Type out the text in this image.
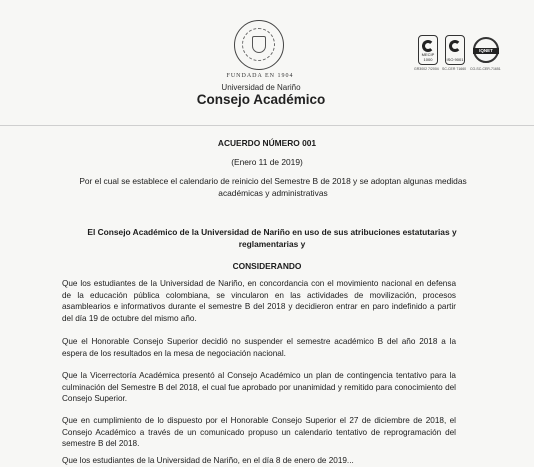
FUNDADA EN 1904
Universidad de Nariño
Consejo Académico
MECIP 1000
GR3002 7/2004
ISO 9001
SC-CER 71660
IQNET
CO-SC-CER-71651
ACUERDO NÚMERO 001
(Enero 11 de 2019)
Por el cual se establece el calendario de reinicio del Semestre B de 2018 y se adoptan algunas medidas académicas y administrativas
El Consejo Académico de la Universidad de Nariño en uso de sus atribuciones estatutarias y reglamentarias y
CONSIDERANDO
Que los estudiantes de la Universidad de Nariño, en concordancia con el movimiento nacional en defensa de la educación pública colombiana, se vincularon en las actividades de movilización, procesos asamblearios e informativos durante el semestre B del 2018 y decidieron entrar en paro indefinido a partir del día 19 de octubre del mismo año.
Que el Honorable Consejo Superior decidió no suspender el semestre académico B del año 2018 a la espera de los resultados en la mesa de negociación nacional.
Que la Vicerrectoría Académica presentó al Consejo Académico un plan de contingencia tentativo para la culminación del Semestre B del 2018, el cual fue aprobado por unanimidad y remitido para conocimiento del Consejo Superior.
Que en cumplimiento de lo dispuesto por el Honorable Consejo Superior el 27 de diciembre de 2018, el Consejo Académico a través de un comunicado propuso un calendario tentativo de reprogramación del semestre B del 2018.
Que los estudiantes de la Universidad de Nariño, en el día 8 de enero de 2019...
